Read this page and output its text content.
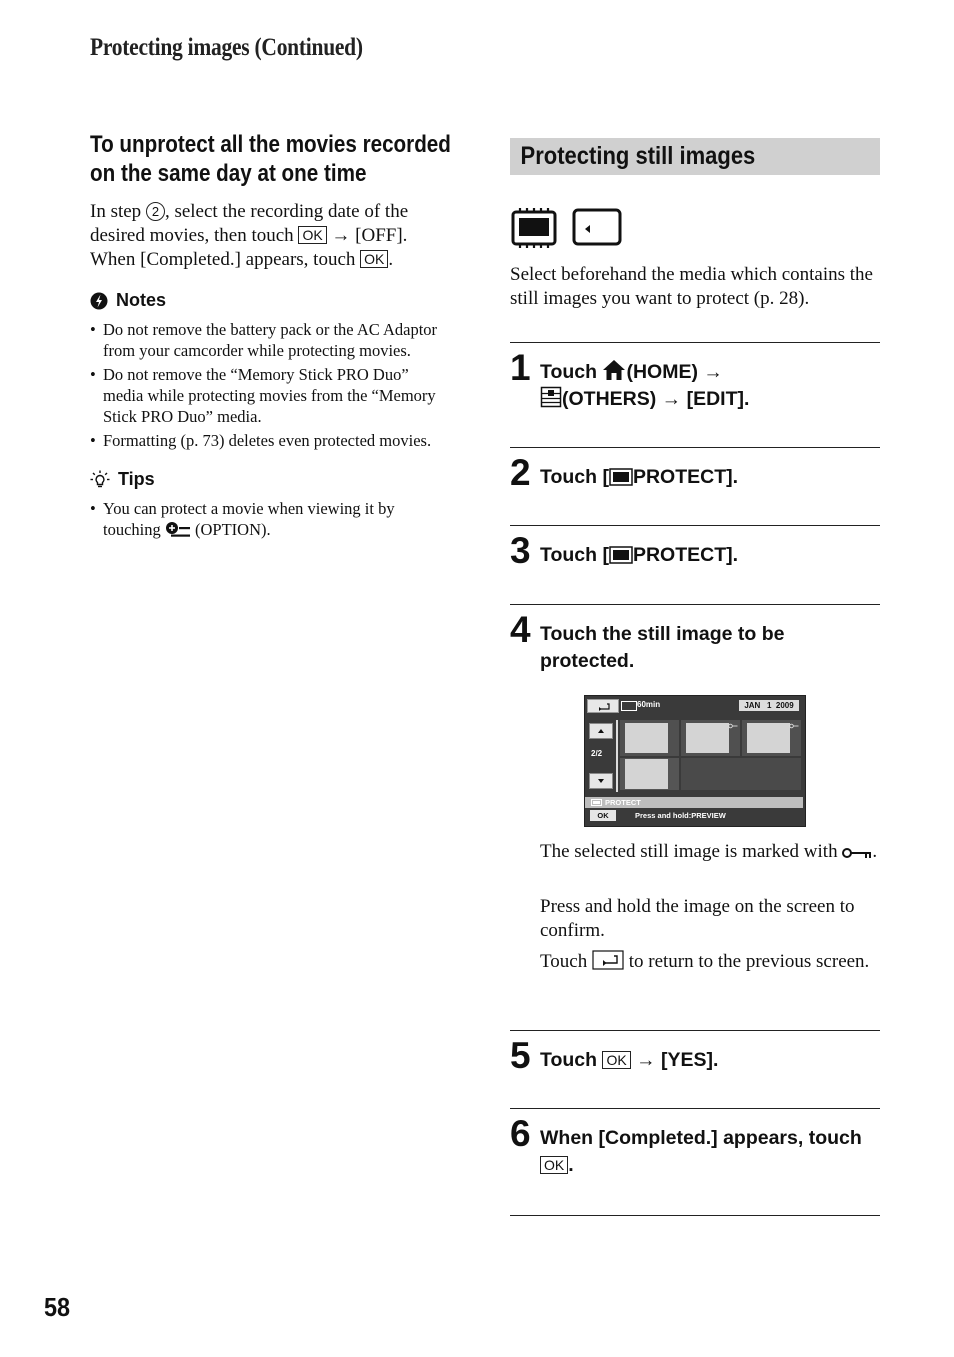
Protecting images (Continued)
To unprotect all the movies recorded on the same day at one time

In step 2 , select the recording date of the desired movies, then touch OK → [OFF]. When [Completed.] appears, touch OK .

Notes
• Do not remove the battery pack or the AC Adaptor from your camcorder while protecting movies.
• Do not remove the “Memory Stick PRO Duo” media while protecting movies from the “Memory Stick PRO Duo” media.
• Formatting (p. 73) deletes even protected movies.
Tips
• You can protect a movie when viewing it by touching (OPTION).
Protecting still images

Select beforehand the media which contains the still images you want to protect (p. 28).

1 Touch (HOME) →
(OTHERS) → [EDIT].
2 Touch [ PROTECT].
3 Touch [ PROTECT].
4 Touch the still image to be protected.
60min	JAN   1  2009
2/2
PROTECT
OK	Press and hold:PREVIEW
The selected still image is marked with .
Press and hold the image on the screen to confirm.
Touch to return to the previous screen.
5 Touch OK → [YES].
6 When [Completed.] appears, touch OK .
58
